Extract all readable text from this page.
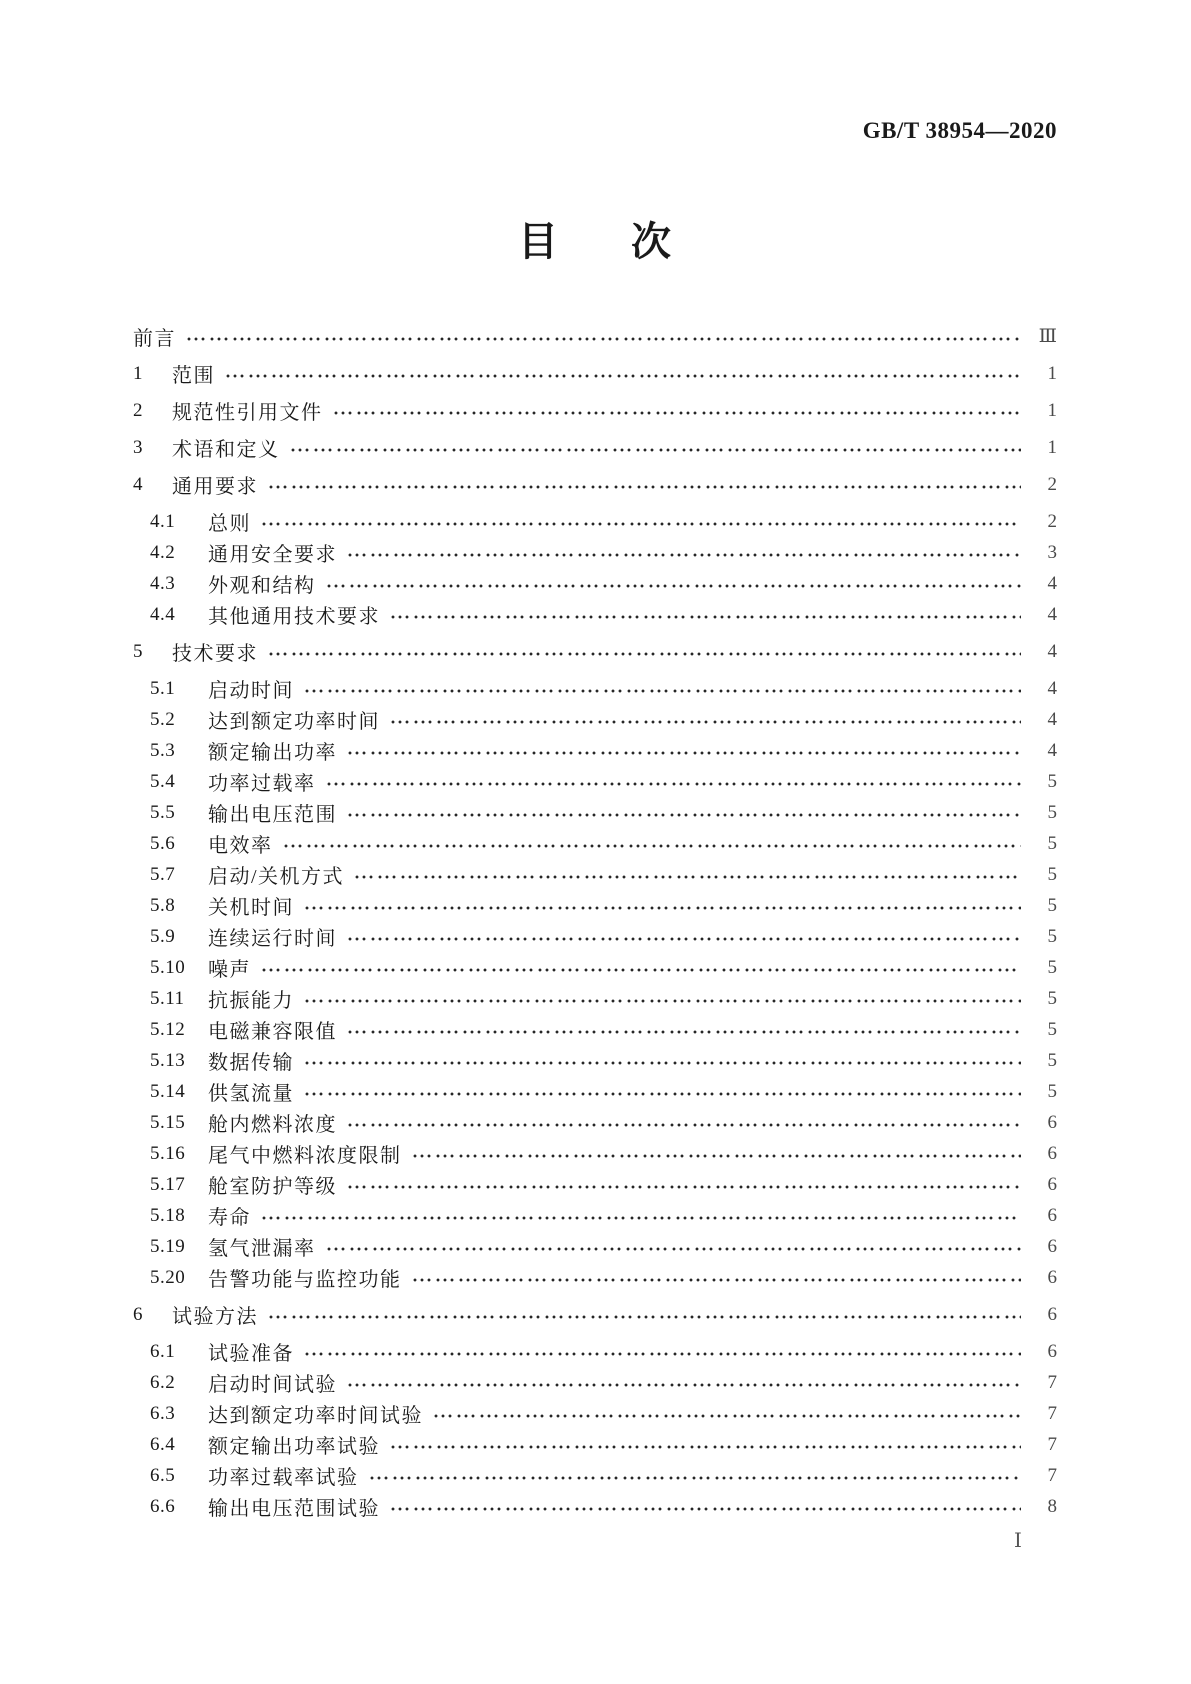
GB/T 38954—2020
目 次
前言	Ⅲ
1	范围	1
2	规范性引用文件	1
3	术语和定义	1
4	通用要求	2
4.1	总则	2
4.2	通用安全要求	3
4.3	外观和结构	4
4.4	其他通用技术要求	4
5	技术要求	4
5.1	启动时间	4
5.2	达到额定功率时间	4
5.3	额定输出功率	4
5.4	功率过载率	5
5.5	输出电压范围	5
5.6	电效率	5
5.7	启动/关机方式	5
5.8	关机时间	5
5.9	连续运行时间	5
5.10	噪声	5
5.11	抗振能力	5
5.12	电磁兼容限值	5
5.13	数据传输	5
5.14	供氢流量	5
5.15	舱内燃料浓度	6
5.16	尾气中燃料浓度限制	6
5.17	舱室防护等级	6
5.18	寿命	6
5.19	氢气泄漏率	6
5.20	告警功能与监控功能	6
6	试验方法	6
6.1	试验准备	6
6.2	启动时间试验	7
6.3	达到额定功率时间试验	7
6.4	额定输出功率试验	7
6.5	功率过载率试验	7
6.6	输出电压范围试验	8
Ⅰ
